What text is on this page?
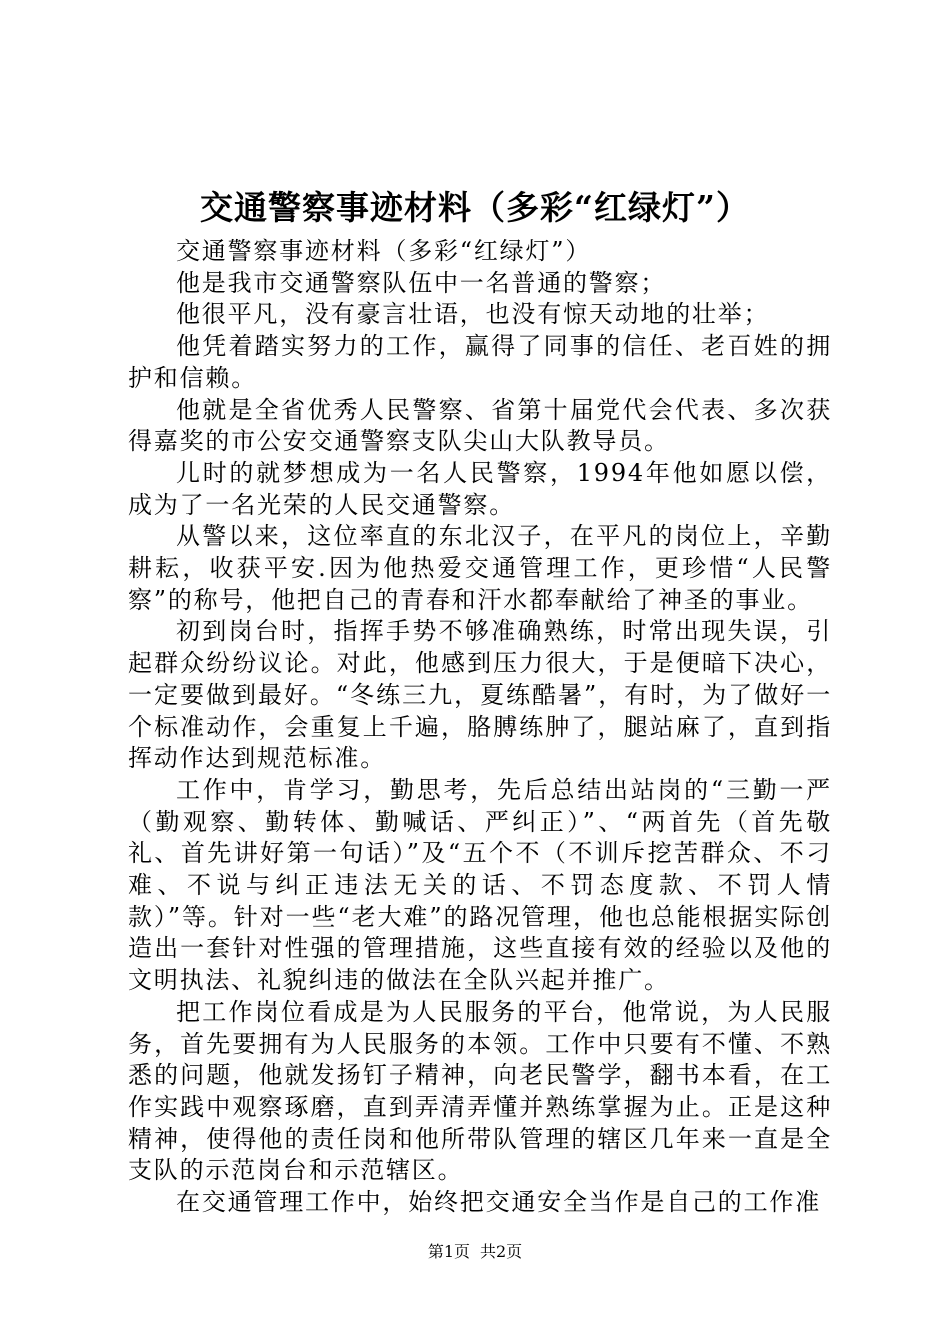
交通警察事迹材料（多彩“红绿灯”）

交通警察事迹材料（多彩“红绿灯”）

他是我市交通警察队伍中一名普通的警察；

他很平凡，没有豪言壮语，也没有惊天动地的壮举；

他凭着踏实努力的工作，赢得了同事的信任、老百姓的拥护和信赖。

他就是全省优秀人民警察、省第十届党代会代表、多次获得嘉奖的市公安交通警察支队尖山大队教导员。

儿时的就梦想成为一名人民警察，1994年他如愿以偿，成为了一名光荣的人民交通警察。

从警以来，这位率直的东北汉子，在平凡的岗位上，辛勤耕耘，收获平安.因为他热爱交通管理工作，更珍惜“人民警察”的称号，他把自己的青春和汗水都奉献给了神圣的事业。

初到岗台时，指挥手势不够准确熟练，时常出现失误，引起群众纷纷议论。对此，他感到压力很大，于是便暗下决心，一定要做到最好。“冬练三九，夏练酷暑”，有时，为了做好一个标准动作，会重复上千遍，胳膊练肿了，腿站麻了，直到指挥动作达到规范标准。

工作中，肯学习，勤思考，先后总结出站岗的“三勤一严（勤观察、勤转体、勤喊话、严纠正）”、“两首先（首先敬礼、首先讲好第一句话）”及“五个不（不训斥挖苦群众、不刁难、不说与纠正违法无关的话、不罚态度款、不罚人情款）”等。针对一些“老大难”的路况管理，他也总能根据实际创造出一套针对性强的管理措施，这些直接有效的经验以及他的文明执法、礼貌纠违的做法在全队兴起并推广。

把工作岗位看成是为人民服务的平台，他常说，为人民服务，首先要拥有为人民服务的本领。工作中只要有不懂、不熟悉的问题，他就发扬钉子精神，向老民警学，翻书本看，在工作实践中观察琢磨，直到弄清弄懂并熟练掌握为止。正是这种精神，使得他的责任岗和他所带队管理的辖区几年来一直是全支队的示范岗台和示范辖区。

在交通管理工作中，始终把交通安全当作是自己的工作准

第1页 共2页
